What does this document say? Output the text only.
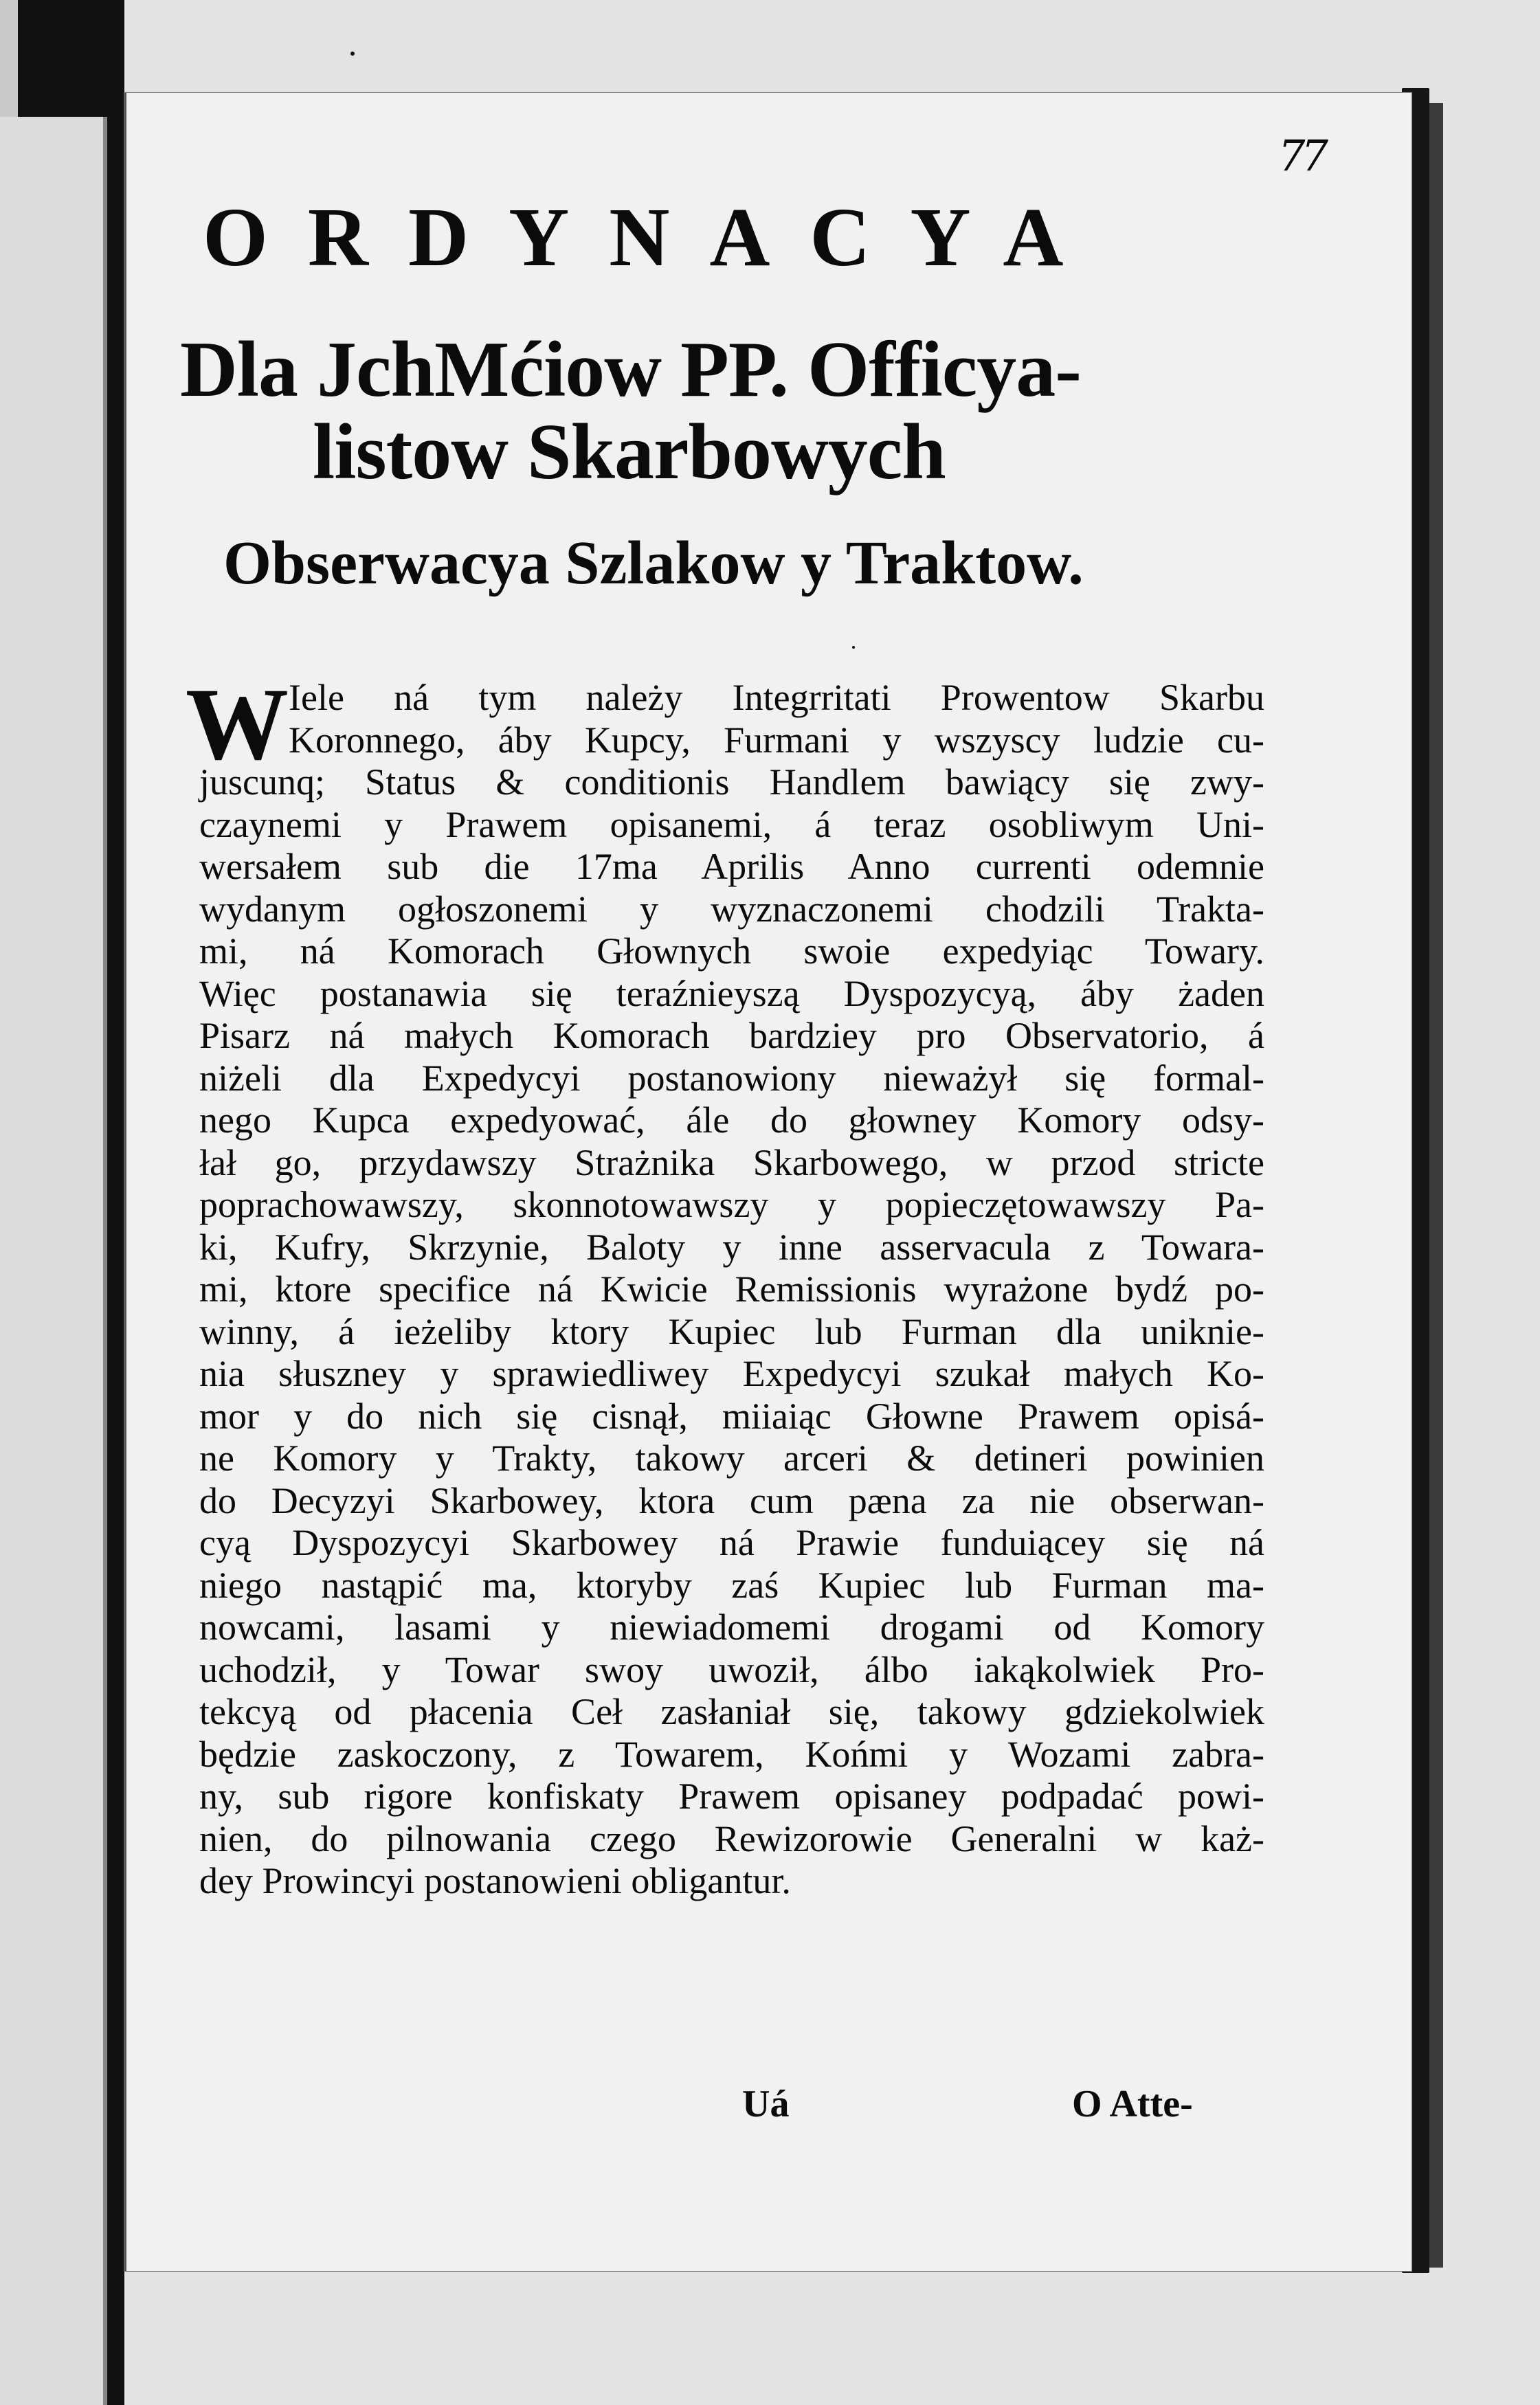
77
ORDYNACYA
Dla JchMćiow PP. Officya-
listow Skarbowych
Obserwacya Szlakow y Traktow.
W Iele ná tym należy Integrritati Prowentow Skarbu
Koronnego, áby Kupcy, Furmani y wszyscy ludzie cu-
juscunq; Status & conditionis Handlem bawiący się zwy-
czaynemi y Prawem opisanemi, á teraz osobliwym Uni-
wersałem sub die 17ma Aprilis Anno currenti odemnie
wydanym ogłoszonemi y wyznaczonemi chodzili Trakta-
mi, ná Komorach Głownych swoie expedyiąc Towary.
Więc postanawia się teraźnieyszą Dyspozycyą, áby żaden
Pisarz ná małych Komorach bardziey pro Observatorio, á
niżeli dla Expedycyi postanowiony nieważył się formal-
nego Kupca expedyować, ále do głowney Komory odsy-
łał go, przydawszy Strażnika Skarbowego, w przod stricte
poprachowawszy, skonnotowawszy y popieczętowawszy Pa-
ki, Kufry, Skrzynie, Baloty y inne asservacula z Towara-
mi, ktore specifice ná Kwicie Remissionis wyrażone bydź po-
winny, á ieżeliby ktory Kupiec lub Furman dla uniknie-
nia słuszney y sprawiedliwey Expedycyi szukał małych Ko-
mor y do nich się cisnął, miiaiąc Głowne Prawem opisá-
ne Komory y Trakty, takowy arceri & detineri powinien
do Decyzyi Skarbowey, ktora cum pæna za nie obserwan-
cyą Dyspozycyi Skarbowey ná Prawie funduiącey się ná
niego nastąpić ma, ktoryby zaś Kupiec lub Furman ma-
nowcami, lasami y niewiadomemi drogami od Komory
uchodził, y Towar swoy uwoził, álbo iakąkolwiek Pro-
tekcyą od płacenia Ceł zasłaniał się, takowy gdziekolwiek
będzie zaskoczony, z Towarem, Końmi y Wozami zabra-
ny, sub rigore konfiskaty Prawem opisaney podpadać powi-
nien, do pilnowania czego Rewizorowie Generalni w każ-
dey Prowincyi postanowieni obligantur.
Uá	O Atte-
